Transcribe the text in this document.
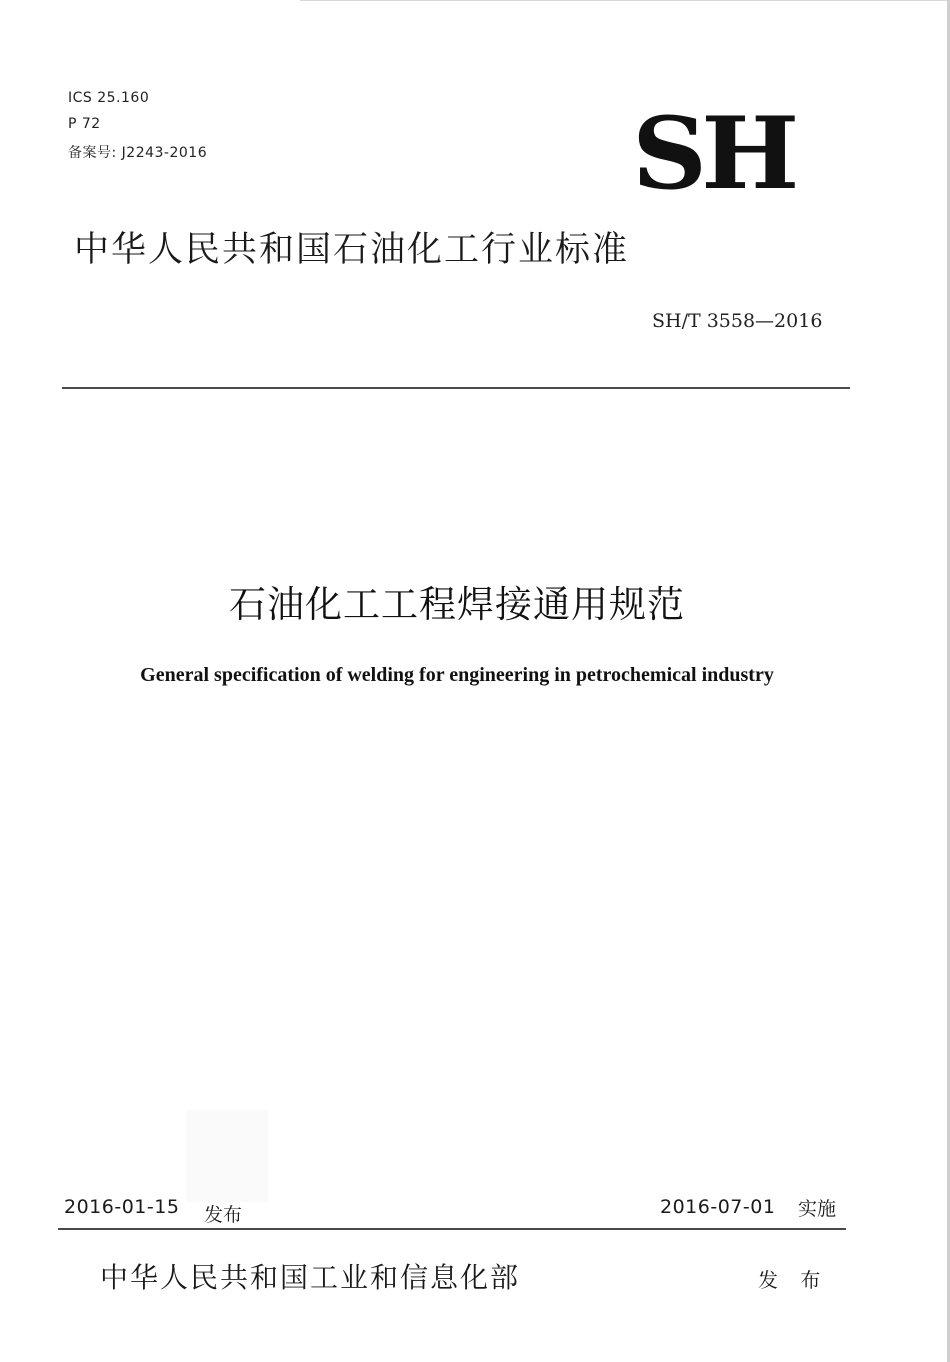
ICS 25.160
P 72
备案号: J2243-2016	SH
中华人民共和国石油化工行业标准
SH/T 3558—2016
石油化工工程焊接通用规范
General specification of welding for engineering in petrochemical industry
2016-01-15 发布	2016-07-01 实施
中华人民共和国工业和信息化部	发 布
